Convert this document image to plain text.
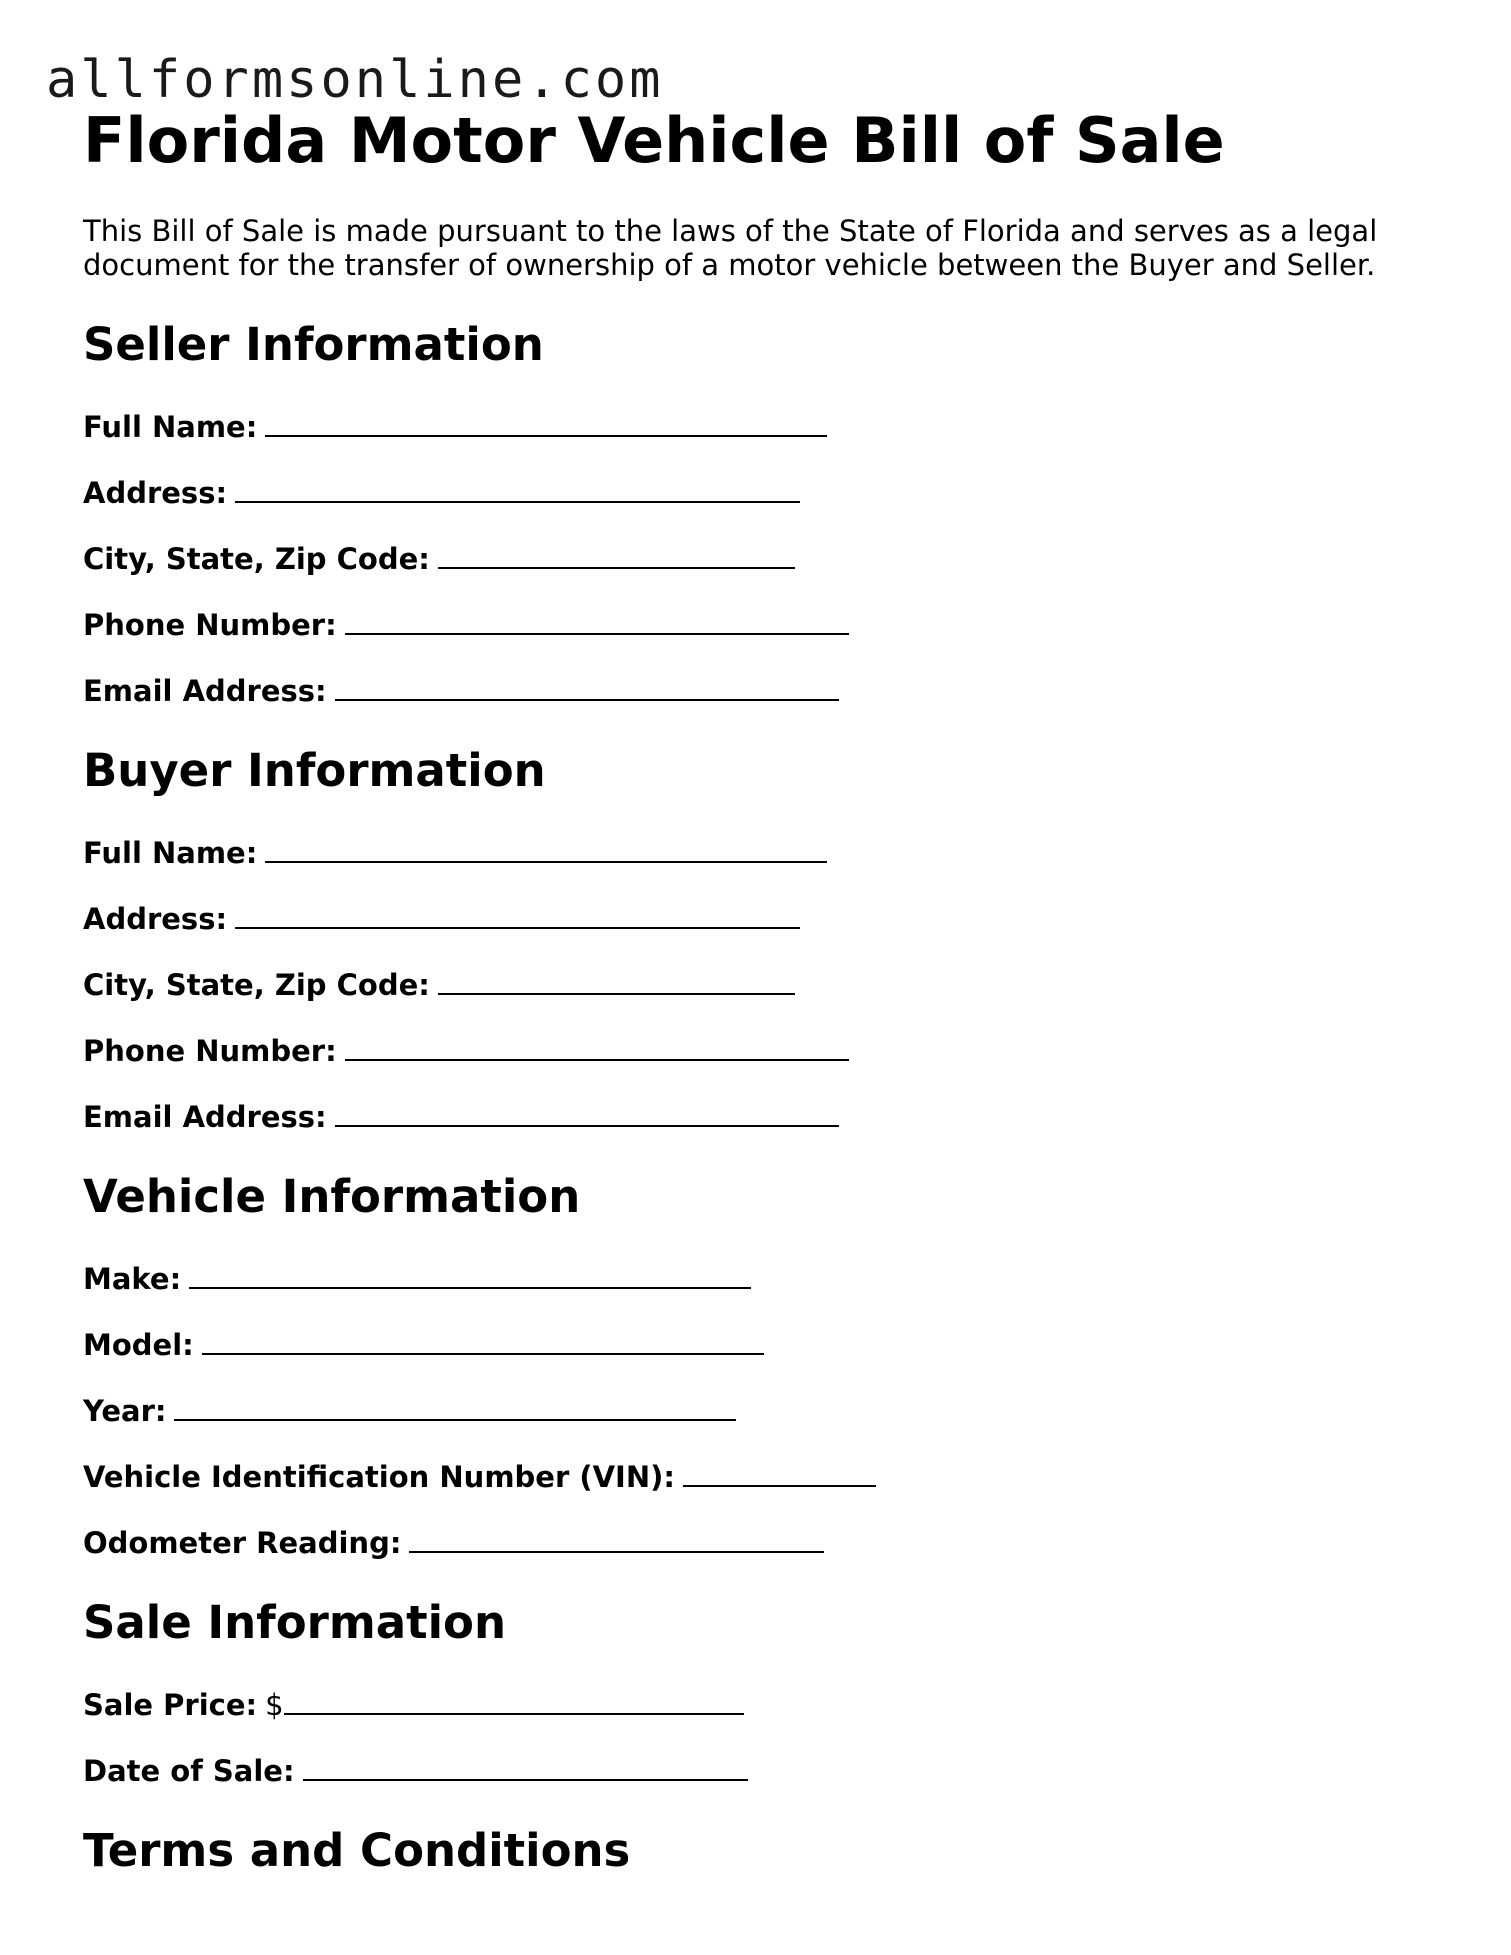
allformsonline.com
Florida Motor Vehicle Bill of Sale

This Bill of Sale is made pursuant to the laws of the State of Florida and serves as a legal document for the transfer of ownership of a motor vehicle between the Buyer and Seller.

Seller Information
Full Name:
Address:
City, State, Zip Code:
Phone Number:
Email Address:
Buyer Information
Full Name:
Address:
City, State, Zip Code:
Phone Number:
Email Address:
Vehicle Information
Make:
Model:
Year:
Vehicle Identification Number (VIN):
Odometer Reading:
Sale Information
Sale Price: $
Date of Sale:
Terms and Conditions
